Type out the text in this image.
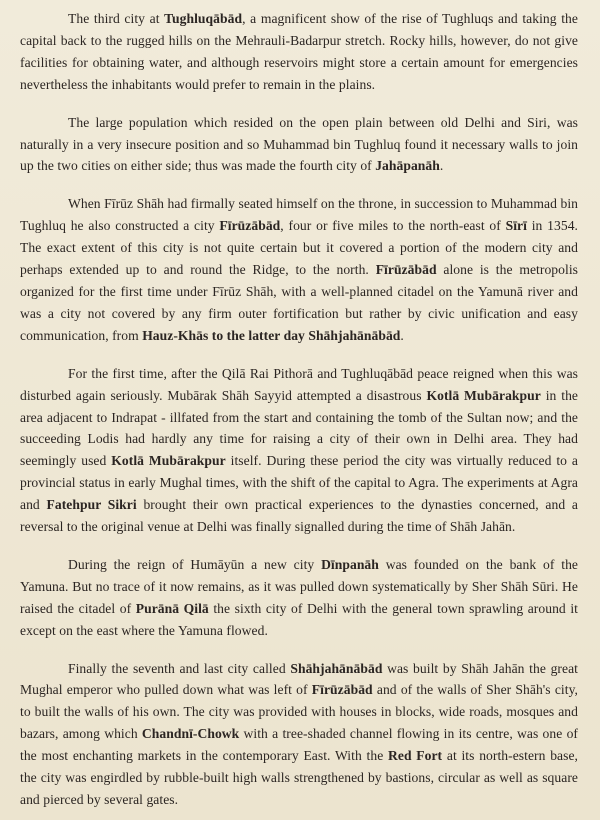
The third city at Tughluqābād, a magnificent show of the rise of Tughluqs and taking the capital back to the rugged hills on the Mehrauli-Badarpur stretch. Rocky hills, however, do not give facilities for obtaining water, and although reservoirs might store a certain amount for emergencies nevertheless the inhabitants would prefer to remain in the plains.

The large population which resided on the open plain between old Delhi and Siri, was naturally in a very insecure position and so Muhammad bin Tughluq found it necessary walls to join up the two cities on either side; thus was made the fourth city of Jahāpanāh.

When Fīrūz Shāh had firmally seated himself on the throne, in succession to Muhammad bin Tughluq he also constructed a city Fīrūzābād, four or five miles to the north-east of Sīrī in 1354. The exact extent of this city is not quite certain but it covered a portion of the modern city and perhaps extended up to and round the Ridge, to the north. Fīrūzābād alone is the metropolis organized for the first time under Fīrūz Shāh, with a well-planned citadel on the Yamunā river and was a city not covered by any firm outer fortification but rather by civic unification and easy communication, from Hauz-Khās to the latter day Shāhjahānābād.

For the first time, after the Qilā Rai Pithorā and Tughluqābād peace reigned when this was disturbed again seriously. Mubārak Shāh Sayyid attempted a disastrous Kotlā Mubārakpur in the area adjacent to Indrapat - illfated from the start and containing the tomb of the Sultan now; and the succeeding Lodis had hardly any time for raising a city of their own in Delhi area. They had seemingly used Kotlā Mubārakpur itself. During these period the city was virtually reduced to a provincial status in early Mughal times, with the shift of the capital to Agra. The experiments at Agra and Fatehpur Sikri brought their own practical experiences to the dynasties concerned, and a reversal to the original venue at Delhi was finally signalled during the time of Shāh Jahān.

During the reign of Humāyūn a new city Dīnpanāh was founded on the bank of the Yamuna. But no trace of it now remains, as it was pulled down systematically by Sher Shāh Sūri. He raised the citadel of Purānā Qilā the sixth city of Delhi with the general town sprawling around it except on the east where the Yamuna flowed.

Finally the seventh and last city called Shāhjahānābād was built by Shāh Jahān the great Mughal emperor who pulled down what was left of Fīrūzābād and of the walls of Sher Shāh's city, to built the walls of his own. The city was provided with houses in blocks, wide roads, mosques and bazars, among which Chandnī-Chowk with a tree-shaded channel flowing in its centre, was one of the most enchanting markets in the contemporary East. With the Red Fort at its north-estern base, the city was engirdled by rubble-built high walls strengthened by bastions, circular as well as square and pierced by several gates.
